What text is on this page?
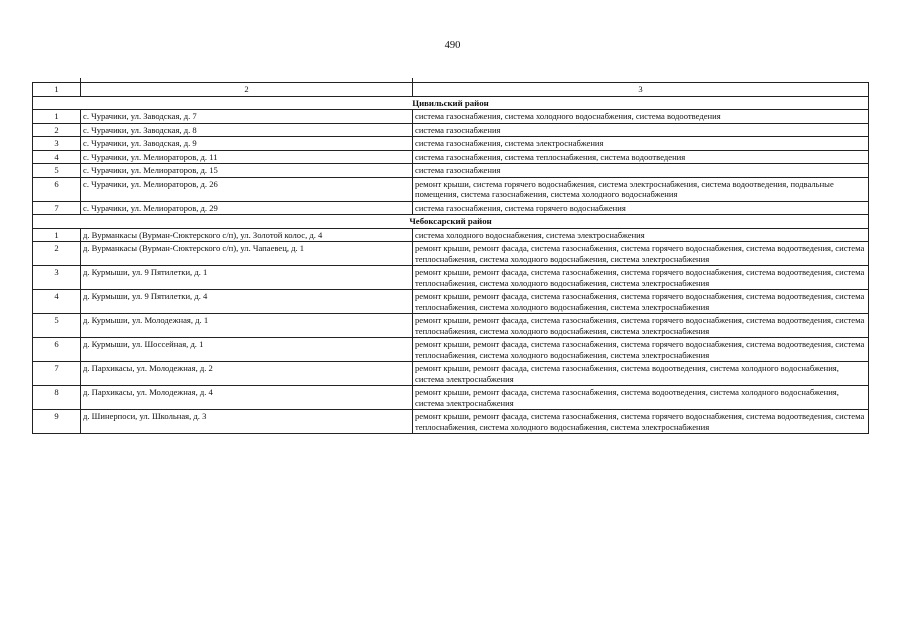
490

1	2	3
Цивильский район		
1	с. Чурачики, ул. Заводская, д. 7	система газоснабжения, система холодного водоснабжения, система водоотведения
2	с. Чурачики, ул. Заводская, д. 8	система газоснабжения
3	с. Чурачики, ул. Заводская, д. 9	система газоснабжения, система электроснабжения
4	с. Чурачики, ул. Мелиораторов, д. 11	система газоснабжения, система теплоснабжения, система водоотведения
5	с. Чурачики, ул. Мелиораторов, д. 15	система газоснабжения
6	с. Чурачики, ул. Мелиораторов, д. 26	ремонт крыши, система горячего водоснабжения, система электроснабжения, система водоотведения, подвальные помещения, система газоснабжения, система холодного водоснабжения
7	с. Чурачики, ул. Мелиораторов, д. 29	система газоснабжения, система горячего водоснабжения
Чебоксарский район		
1	д. Вурманкасы (Вурман-Сюктерского с/п), ул. Золотой колос, д. 4	система холодного водоснабжения, система электроснабжения
2	д. Вурманкасы (Вурман-Сюктерского с/п), ул. Чапаевец, д. 1	ремонт крыши, ремонт фасада, система газоснабжения, система горячего водоснабжения, система водоотведения, система теплоснабжения, система холодного водоснабжения, система электроснабжения
3	д. Курмыши, ул. 9 Пятилетки, д. 1	ремонт крыши, ремонт фасада, система газоснабжения, система горячего водоснабжения, система водоотведения, система теплоснабжения, система холодного водоснабжения, система электроснабжения
4	д. Курмыши, ул. 9 Пятилетки, д. 4	ремонт крыши, ремонт фасада, система газоснабжения, система горячего водоснабжения, система водоотведения, система теплоснабжения, система холодного водоснабжения, система электроснабжения
5	д. Курмыши, ул. Молодежная, д. 1	ремонт крыши, ремонт фасада, система газоснабжения, система горячего водоснабжения, система водоотведения, система теплоснабжения, система холодного водоснабжения, система электроснабжения
6	д. Курмыши, ул. Шоссейная, д. 1	ремонт крыши, ремонт фасада, система газоснабжения, система горячего водоснабжения, система водоотведения, система теплоснабжения, система холодного водоснабжения, система электроснабжения
7	д. Пархикасы, ул. Молодежная, д. 2	ремонт крыши, ремонт фасада, система газоснабжения, система водоотведения, система холодного водоснабжения, система электроснабжения
8	д. Пархикасы, ул. Молодежная, д. 4	ремонт крыши, ремонт фасада, система газоснабжения, система водоотведения, система холодного водоснабжения, система электроснабжения
9	д. Шинерпоси, ул. Школьная, д. 3	ремонт крыши, ремонт фасада, система газоснабжения, система горячего водоснабжения, система водоотведения, система теплоснабжения, система холодного водоснабжения, система электроснабжения
